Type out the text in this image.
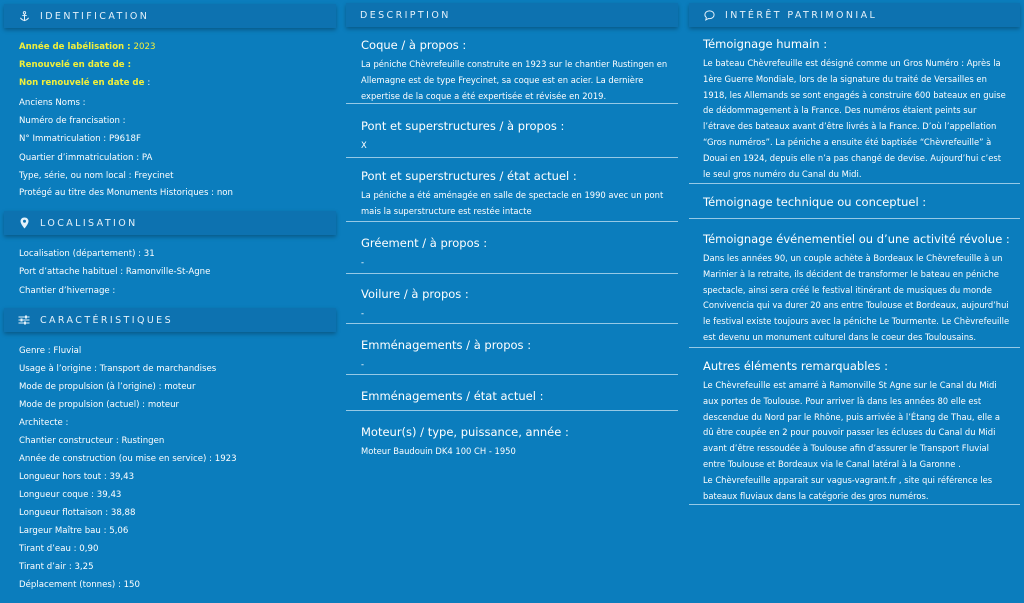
IDENTIFICATION
Année de labélisation : 2023
Renouvelé en date de :
Non renouvelé en date de :
Anciens Noms :
Numéro de francisation :
N° Immatriculation : P9618F
Quartier d’immatriculation : PA
Type, série, ou nom local : Freycinet
Protégé au titre des Monuments Historiques : non
LOCALISATION
Localisation (département) : 31
Port d’attache habituel : Ramonville-St-Agne
Chantier d’hivernage :
CARACTÉRISTIQUES
Genre : Fluvial
Usage à l’origine : Transport de marchandises
Mode de propulsion (à l’origine) : moteur
Mode de propulsion (actuel) : moteur
Architecte :
Chantier constructeur : Rustingen
Année de construction (ou mise en service) : 1923
Longueur hors tout : 39,43
Longueur coque : 39,43
Longueur flottaison : 38,88
Largeur Maître bau : 5,06
Tirant d’eau : 0,90
Tirant d’air : 3,25
Déplacement (tonnes) : 150
DESCRIPTION
Coque / à propos :
La péniche Chèvrefeuille construite en 1923 sur le chantier Rustingen en Allemagne est de type Freycinet, sa coque est en acier. La dernière expertise de la coque a été expertisée et révisée en 2019.
Pont et superstructures / à propos :
X
Pont et superstructures / état actuel :
La péniche a été aménagée en salle de spectacle en 1990 avec un pont mais la superstructure est restée intacte
Gréement / à propos :
-
Voilure / à propos :
-
Emménagements / à propos :
-
Emménagements / état actuel :
Moteur(s) / type, puissance, année :
Moteur Baudouin DK4 100 CH - 1950
INTÉRÊT PATRIMONIAL
Témoignage humain :
Le bateau Chèvrefeuille est désigné comme un Gros Numéro : Après la 1ère Guerre Mondiale, lors de la signature du traité de Versailles en 1918, les Allemands se sont engagés à construire 600 bateaux en guise de dédommagement à la France. Des numéros étaient peints sur l’étrave des bateaux avant d’être livrés à la France. D’où l’appellation “Gros numéros”. La péniche a ensuite été baptisée “Chèvrefeuille” à Douai en 1924, depuis elle n’a pas changé de devise. Aujourd’hui c’est le seul gros numéro du Canal du Midi.
Témoignage technique ou conceptuel :
Témoignage événementiel ou d’une activité révolue :
Dans les années 90, un couple achète à Bordeaux le Chèvrefeuille à un Marinier à la retraite, ils décident de transformer le bateau en péniche spectacle, ainsi sera créé le festival itinérant de musiques du monde Convivencia qui va durer 20 ans entre Toulouse et Bordeaux, aujourd’hui le festival existe toujours avec la péniche Le Tourmente. Le Chèvrefeuille est devenu un monument culturel dans le coeur des Toulousains.
Autres éléments remarquables :
Le Chèvrefeuille est amarré à Ramonville St Agne sur le Canal du Midi aux portes de Toulouse. Pour arriver là dans les années 80 elle est descendue du Nord par le Rhône, puis arrivée à l’Étang de Thau, elle a dû être coupée en 2 pour pouvoir passer les écluses du Canal du Midi avant d’être ressoudée à Toulouse afin d’assurer le Transport Fluvial entre Toulouse et Bordeaux via le Canal latéral à la Garonne .
Le Chèvrefeuille apparait sur vagus-vagrant.fr , site qui référence les bateaux fluviaux dans la catégorie des gros numéros.
